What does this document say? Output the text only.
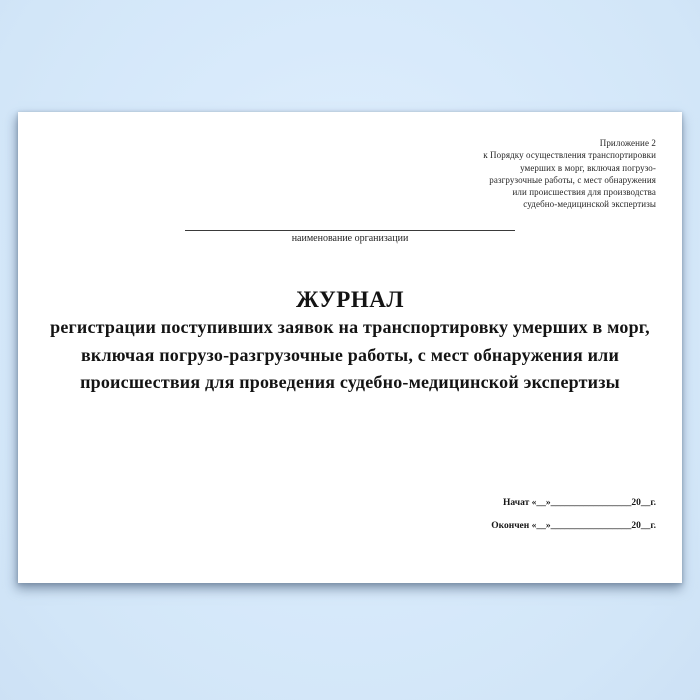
Приложение 2
к Порядку осуществления транспортировки
умерших в морг, включая погрузо-
разгрузочные работы, с мест обнаружения
или происшествия для производства
судебно-медицинской экспертизы
наименование организации
ЖУРНАЛ
регистрации поступивших заявок на транспортировку умерших в морг,
включая погрузо-разгрузочные работы, с мест обнаружения или
происшествия для проведения судебно-медицинской экспертизы
Начат «__»_________________20__г.
Окончен «__»_________________20__г.
